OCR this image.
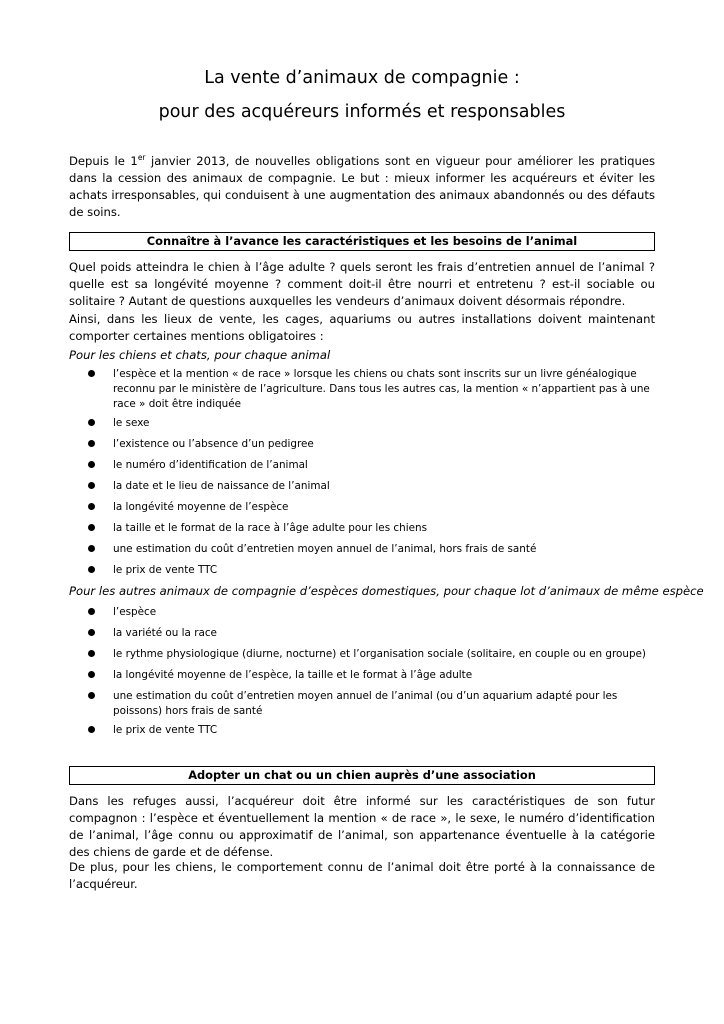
La vente d’animaux de compagnie :
pour des acquéreurs informés et responsables

Depuis le 1er janvier 2013, de nouvelles obligations sont en vigueur pour améliorer les pratiques dans la cession des animaux de compagnie. Le but : mieux informer les acquéreurs et éviter les achats irresponsables, qui conduisent à une augmentation des animaux abandonnés ou des défauts de soins.

Connaître à l’avance les caractéristiques et les besoins de l’animal

Quel poids atteindra le chien à l’âge adulte ? quels seront les frais d’entretien annuel de l’animal ? quelle est sa longévité moyenne ? comment doit-il être nourri et entretenu ? est-il sociable ou solitaire ? Autant de questions auxquelles les vendeurs d’animaux doivent désormais répondre.

Ainsi, dans les lieux de vente, les cages, aquariums ou autres installations doivent maintenant comporter certaines mentions obligatoires :

Pour les chiens et chats, pour chaque animal

l’espèce et la mention « de race » lorsque les chiens ou chats sont inscrits sur un livre généalogique reconnu par le ministère de l’agriculture. Dans tous les autres cas, la mention « n’appartient pas à une race » doit être indiquée
le sexe
l’existence ou l’absence d’un pedigree
le numéro d’identification de l’animal
la date et le lieu de naissance de l’animal
la longévité moyenne de l’espèce
la taille et le format de la race à l’âge adulte pour les chiens
une estimation du coût d’entretien moyen annuel de l’animal, hors frais de santé
le prix de vente TTC

Pour les autres animaux de compagnie d’espèces domestiques, pour chaque lot d’animaux de même espèce

l’espèce
la variété ou la race
le rythme physiologique (diurne, nocturne) et l’organisation sociale (solitaire, en couple ou en groupe)
la longévité moyenne de l’espèce, la taille et le format à l’âge adulte
une estimation du coût d’entretien moyen annuel de l’animal (ou d’un aquarium adapté pour les poissons) hors frais de santé
le prix de vente TTC
Adopter un chat ou un chien auprès d’une association

Dans les refuges aussi, l’acquéreur doit être informé sur les caractéristiques de son futur compagnon : l’espèce et éventuellement la mention « de race », le sexe, le numéro d’identification de l’animal, l’âge connu ou approximatif de l’animal, son appartenance éventuelle à la catégorie des chiens de garde et de défense.

De plus, pour les chiens, le comportement connu de l’animal doit être porté à la connaissance de l’acquéreur.
